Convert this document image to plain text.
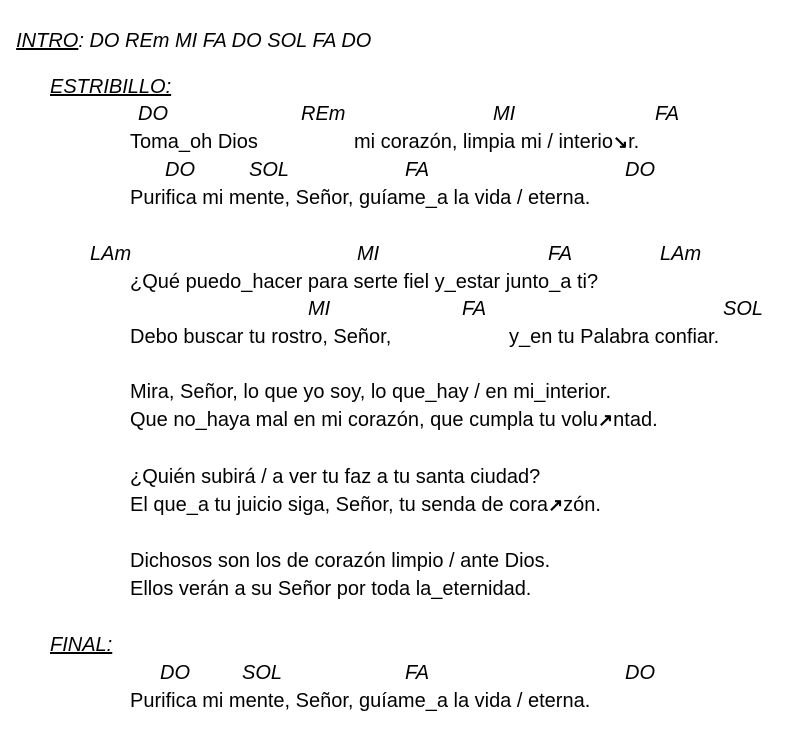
INTRO: DO REm MI FA DO SOL FA DO

ESTRIBILLO:
DO	REm	MI	FA
Toma_oh Dios	mi corazón, limpia mi / interio↘r.
DO	SOL	FA	DO
Purifica mi mente, Señor, guíame_a la vida / eterna.
LAm	MI	FA	LAm
¿Qué puedo_hacer para serte fiel y_estar junto_a ti?
MI	FA	SOL
Debo buscar tu rostro, Señor,	y_en tu Palabra confiar.
Mira, Señor, lo que yo soy, lo que_hay / en mi_interior.
Que no_haya mal en mi corazón, que cumpla tu volu↗ntad.
¿Quién subirá / a ver tu faz a tu santa ciudad?
El que_a tu juicio siga, Señor, tu senda de cora↗zón.
Dichosos son los de corazón limpio / ante Dios.
Ellos verán a su Señor por toda la_eternidad.
FINAL:
DO	SOL	FA	DO
Purifica mi mente, Señor, guíame_a la vida / eterna.
